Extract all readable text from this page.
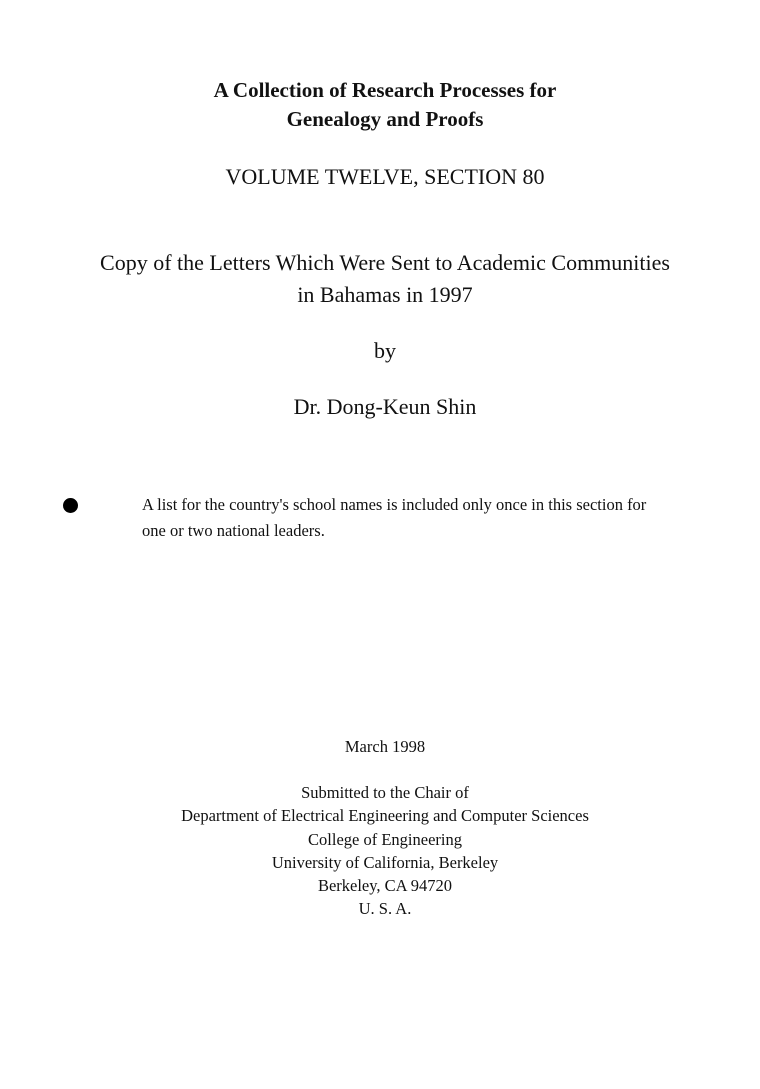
A Collection of Research Processes for
Genealogy and Proofs
VOLUME TWELVE, SECTION 80
Copy of the Letters Which Were Sent to Academic Communities
in Bahamas in 1997
by
Dr. Dong-Keun Shin
A list for the country's school names is included only once in this section for
one or two national leaders.
March 1998
Submitted to the Chair of
Department of Electrical Engineering and Computer Sciences
College of Engineering
University of California, Berkeley
Berkeley, CA 94720
U. S. A.
